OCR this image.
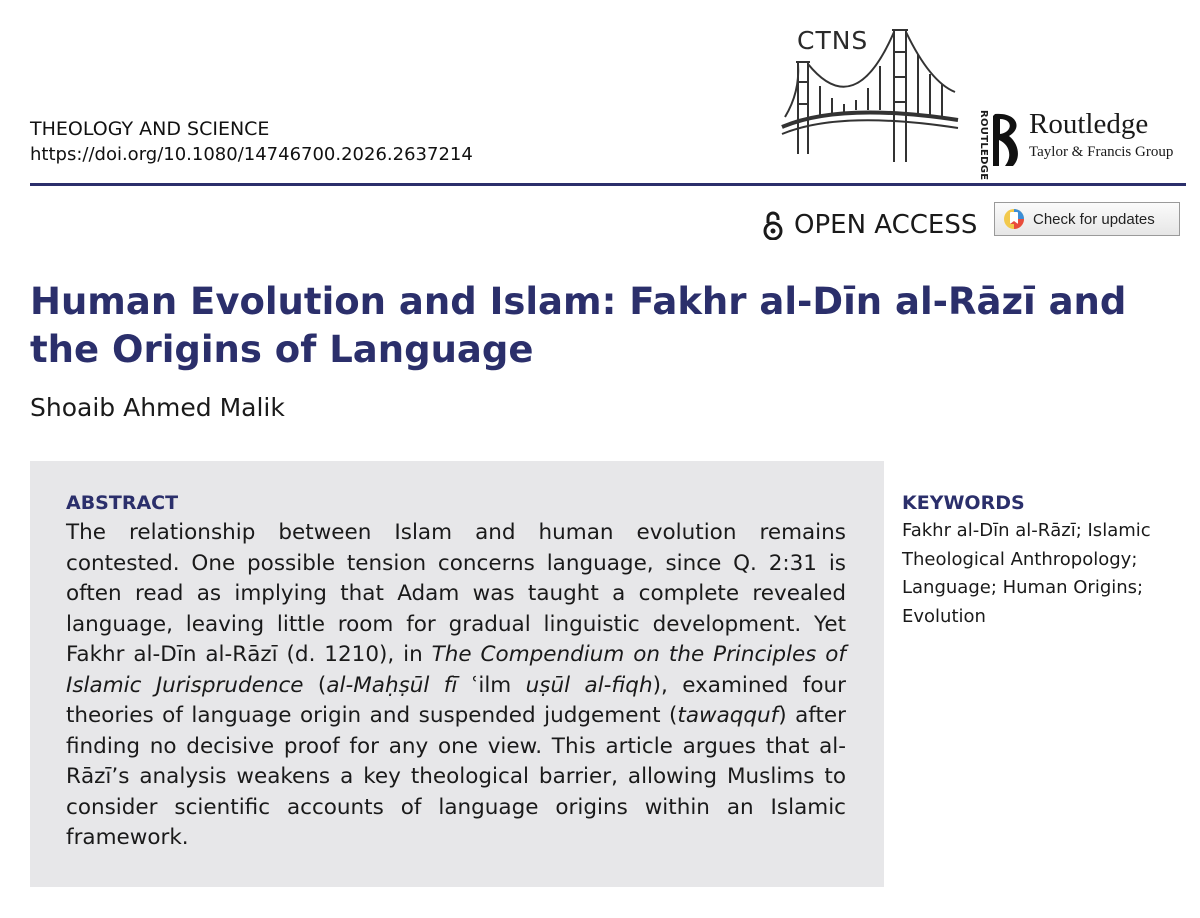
THEOLOGY AND SCIENCE
https://doi.org/10.1080/14746700.2026.2637214
CTNS
ROUTLEDGE Routledge
Taylor & Francis Group
OPEN ACCESS	Check for updates
Human Evolution and Islam: Fakhr al-Dīn al-Rāzī and the Origins of Language
Shoaib Ahmed Malik
ABSTRACT

The relationship between Islam and human evolution remains contested. One possible tension concerns language, since Q. 2:31 is often read as implying that Adam was taught a complete revealed language, leaving little room for gradual linguistic development. Yet Fakhr al-Dīn al-Rāzī (d. 1210), in The Compendium on the Principles of Islamic Jurisprudence (al-Maḥṣūl fī ʿilm uṣūl al-fiqh), examined four theories of language origin and suspended judgement (tawaqquf) after finding no decisive proof for any one view. This article argues that al-Rāzī’s analysis weakens a key theological barrier, allowing Muslims to consider scientific accounts of language origins within an Islamic framework.

KEYWORDS

Fakhr al-Dīn al-Rāzī; Islamic Theological Anthropology; Language; Human Origins; Evolution
